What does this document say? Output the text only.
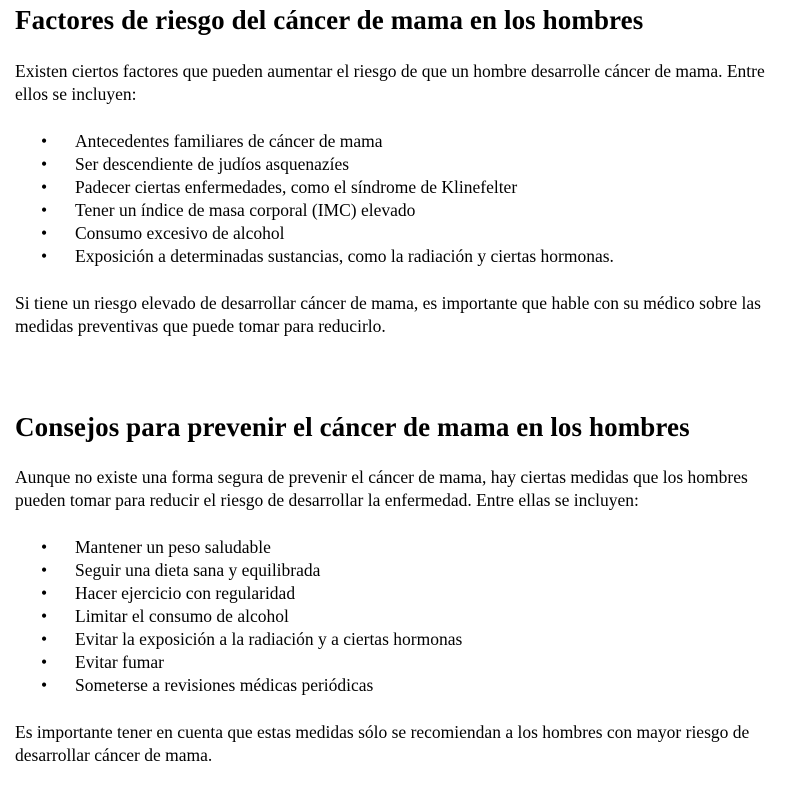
Factores de riesgo del cáncer de mama en los hombres

Existen ciertos factores que pueden aumentar el riesgo de que un hombre desarrolle cáncer de mama. Entre ellos se incluyen:

• Antecedentes familiares de cáncer de mama
• Ser descendiente de judíos asquenazíes
• Padecer ciertas enfermedades, como el síndrome de Klinefelter
• Tener un índice de masa corporal (IMC) elevado
• Consumo excesivo de alcohol
• Exposición a determinadas sustancias, como la radiación y ciertas hormonas.

Si tiene un riesgo elevado de desarrollar cáncer de mama, es importante que hable con su médico sobre las medidas preventivas que puede tomar para reducirlo.

Consejos para prevenir el cáncer de mama en los hombres

Aunque no existe una forma segura de prevenir el cáncer de mama, hay ciertas medidas que los hombres pueden tomar para reducir el riesgo de desarrollar la enfermedad. Entre ellas se incluyen:

• Mantener un peso saludable
• Seguir una dieta sana y equilibrada
• Hacer ejercicio con regularidad
• Limitar el consumo de alcohol
• Evitar la exposición a la radiación y a ciertas hormonas
• Evitar fumar
• Someterse a revisiones médicas periódicas

Es importante tener en cuenta que estas medidas sólo se recomiendan a los hombres con mayor riesgo de desarrollar cáncer de mama.
